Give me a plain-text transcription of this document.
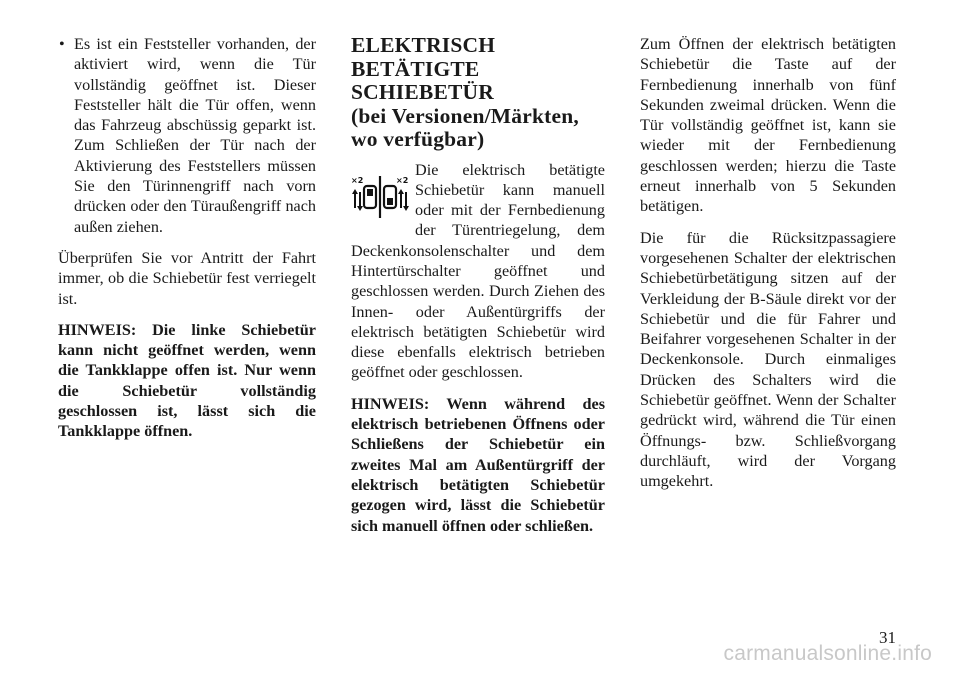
• Es ist ein Feststeller vorhanden, der aktiviert wird, wenn die Tür vollständig geöffnet ist. Dieser Feststeller hält die Tür offen, wenn das Fahrzeug abschüssig geparkt ist. Zum Schließen der Tür nach der Aktivierung des Feststellers müssen Sie den Türinnengriff nach vorn drücken oder den Türaußengriff nach außen ziehen.

Überprüfen Sie vor Antritt der Fahrt immer, ob die Schiebetür fest verriegelt ist.

HINWEIS: Die linke Schiebetür kann nicht geöffnet werden, wenn die Tankklappe offen ist. Nur wenn die Schiebetür vollständig geschlossen ist, lässt sich die Tankklappe öffnen.

ELEKTRISCH
BETÄTIGTE SCHIEBETÜR
(bei Versionen/Märkten,
wo verfügbar)
×2	×2
Die elektrisch betätigte Schiebetür kann manuell oder mit der Fernbedienung der Türentriegelung, dem Deckenkonsolenschalter und dem Hintertürschalter geöffnet und geschlossen werden. Durch Ziehen des Innen- oder Außentürgriffs der elektrisch betätigten Schiebetür wird diese ebenfalls elektrisch betrieben geöffnet oder geschlossen.

HINWEIS: Wenn während des elektrisch betriebenen Öffnens oder Schließens der Schiebetür ein zweites Mal am Außentürgriff der elektrisch betätigten Schiebetür gezogen wird, lässt die Schiebetür sich manuell öffnen oder schließen.

Zum Öffnen der elektrisch betätigten Schiebetür die Taste auf der Fernbedienung innerhalb von fünf Sekunden zweimal drücken. Wenn die Tür vollständig geöffnet ist, kann sie wieder mit der Fernbedienung geschlossen werden; hierzu die Taste erneut innerhalb von 5 Sekunden betätigen.

Die für die Rücksitzpassagiere vorgesehenen Schalter der elektrischen Schiebetürbetätigung sitzen auf der Verkleidung der B-Säule direkt vor der Schiebetür und die für Fahrer und Beifahrer vorgesehenen Schalter in der Deckenkonsole. Durch einmaliges Drücken des Schalters wird die Schiebetür geöffnet. Wenn der Schalter gedrückt wird, während die Tür einen Öffnungs- bzw. Schließvorgang durchläuft, wird der Vorgang umgekehrt.

31
carmanualsonline.info
